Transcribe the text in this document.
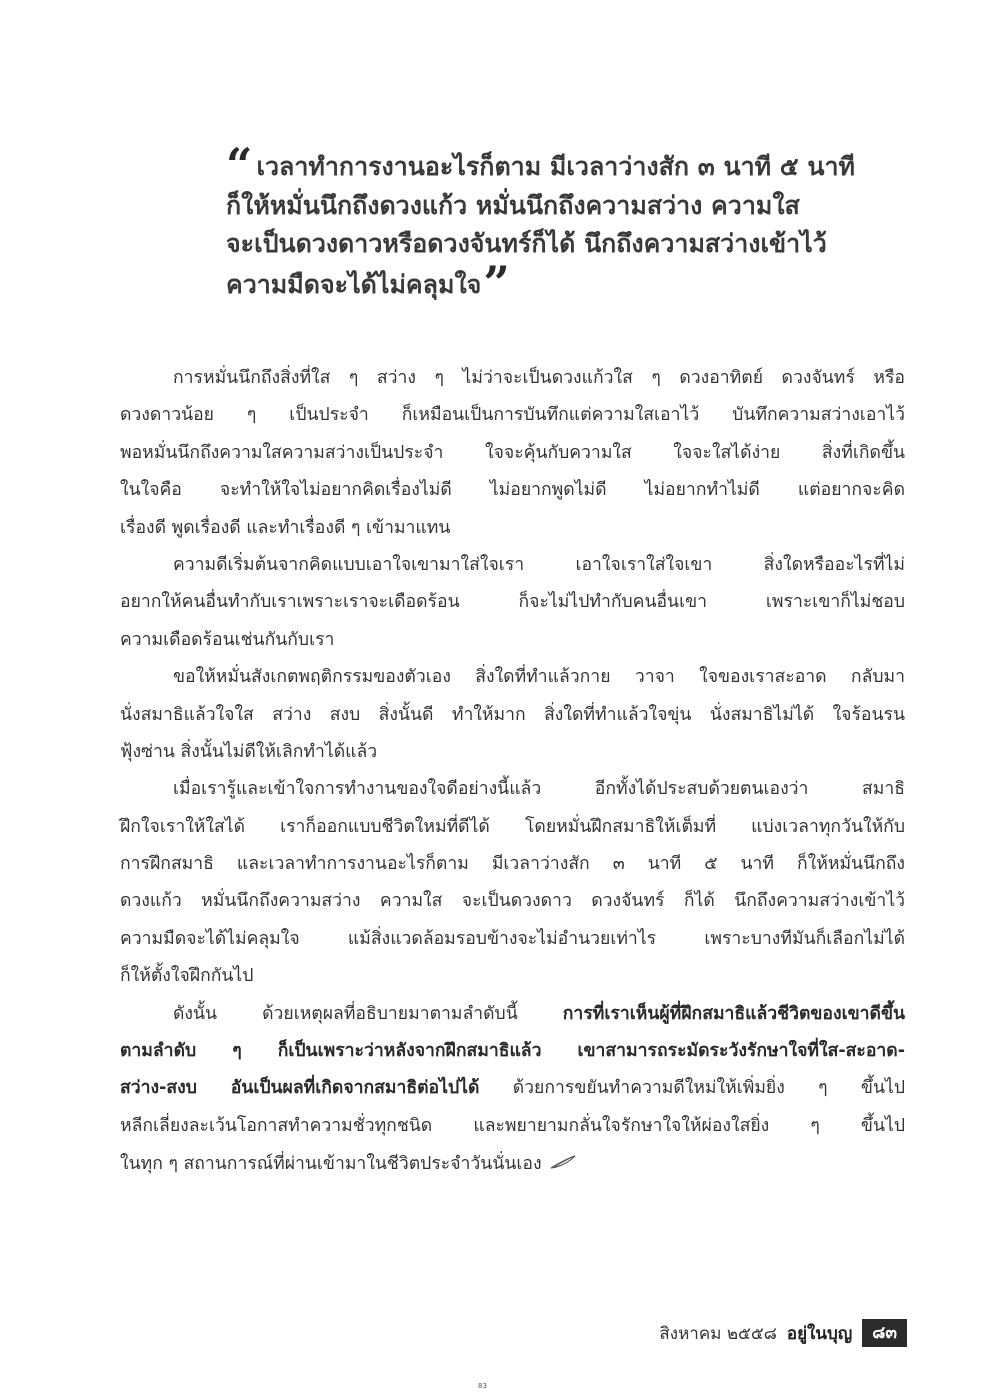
“ เวลาทำการงานอะไรก็ตาม มีเวลาว่างสัก ๓ นาที ๕ นาที
ก็ให้หมั่นนึกถึงดวงแก้ว หมั่นนึกถึงความสว่าง ความใส
จะเป็นดวงดาวหรือดวงจันทร์ก็ได้ นึกถึงความสว่างเข้าไว้
ความมืดจะได้ไม่คลุมใจ”
การหมั่นนึกถึงสิ่งที่ใส ๆ สว่าง ๆ ไม่ว่าจะเป็นดวงแก้วใส ๆ ดวงอาทิตย์ ดวงจันทร์ หรือ
ดวงดาวน้อย ๆ เป็นประจำ ก็เหมือนเป็นการบันทึกแต่ความใสเอาไว้ บันทึกความสว่างเอาไว้
พอหมั่นนึกถึงความใสความสว่างเป็นประจำ ใจจะคุ้นกับความใส ใจจะใสได้ง่าย สิ่งที่เกิดขึ้น
ในใจคือ จะทำให้ใจไม่อยากคิดเรื่องไม่ดี ไม่อยากพูดไม่ดี ไม่อยากทำไม่ดี แต่อยากจะคิด
เรื่องดี พูดเรื่องดี และทำเรื่องดี ๆ เข้ามาแทน
ความดีเริ่มต้นจากคิดแบบเอาใจเขามาใส่ใจเรา เอาใจเราใส่ใจเขา สิ่งใดหรืออะไรที่ไม่
อยากให้คนอื่นทำกับเราเพราะเราจะเดือดร้อน ก็จะไม่ไปทำกับคนอื่นเขา เพราะเขาก็ไม่ชอบ
ความเดือดร้อนเช่นกันกับเรา
ขอให้หมั่นสังเกตพฤติกรรมของตัวเอง สิ่งใดที่ทำแล้วกาย วาจา ใจของเราสะอาด กลับมา
นั่งสมาธิแล้วใจใส สว่าง สงบ สิ่งนั้นดี ทำให้มาก สิ่งใดที่ทำแล้วใจขุ่น นั่งสมาธิไม่ได้ ใจร้อนรน
ฟุ้งซ่าน สิ่งนั้นไม่ดีให้เลิกทำได้แล้ว
เมื่อเรารู้และเข้าใจการทำงานของใจดีอย่างนี้แล้ว อีกทั้งได้ประสบด้วยตนเองว่า สมาธิ
ฝึกใจเราให้ใสได้ เราก็ออกแบบชีวิตใหม่ที่ดีได้ โดยหมั่นฝึกสมาธิให้เต็มที่ แบ่งเวลาทุกวันให้กับ
การฝึกสมาธิ และเวลาทำการงานอะไรก็ตาม มีเวลาว่างสัก ๓ นาที ๕ นาที ก็ให้หมั่นนึกถึง
ดวงแก้ว หมั่นนึกถึงความสว่าง ความใส จะเป็นดวงดาว ดวงจันทร์ ก็ได้ นึกถึงความสว่างเข้าไว้
ความมืดจะได้ไม่คลุมใจ แม้สิ่งแวดล้อมรอบข้างจะไม่อำนวยเท่าไร เพราะบางทีมันก็เลือกไม่ได้
ก็ให้ตั้งใจฝึกกันไป
ดังนั้น ด้วยเหตุผลที่อธิบายมาตามลำดับนี้ การที่เราเห็นผู้ที่ฝึกสมาธิแล้วชีวิตของเขาดีขึ้น
ตามลำดับ ๆ ก็เป็นเพราะว่าหลังจากฝึกสมาธิแล้ว เขาสามารถระมัดระวังรักษาใจที่ใส-สะอาด-
สว่าง-สงบ อันเป็นผลที่เกิดจากสมาธิต่อไปได้ ด้วยการขยันทำความดีใหม่ให้เพิ่มยิ่ง ๆ ขึ้นไป
หลีกเลี่ยงละเว้นโอกาสทำความชั่วทุกชนิด และพยายามกลั่นใจรักษาใจให้ผ่องใสยิ่ง ๆ ขึ้นไป
ในทุก ๆ สถานการณ์ที่ผ่านเข้ามาในชีวิตประจำวันนั่นเอง
สิงหาคม ๒๕๕๘ อยู่ในบุญ	๘๓
83
